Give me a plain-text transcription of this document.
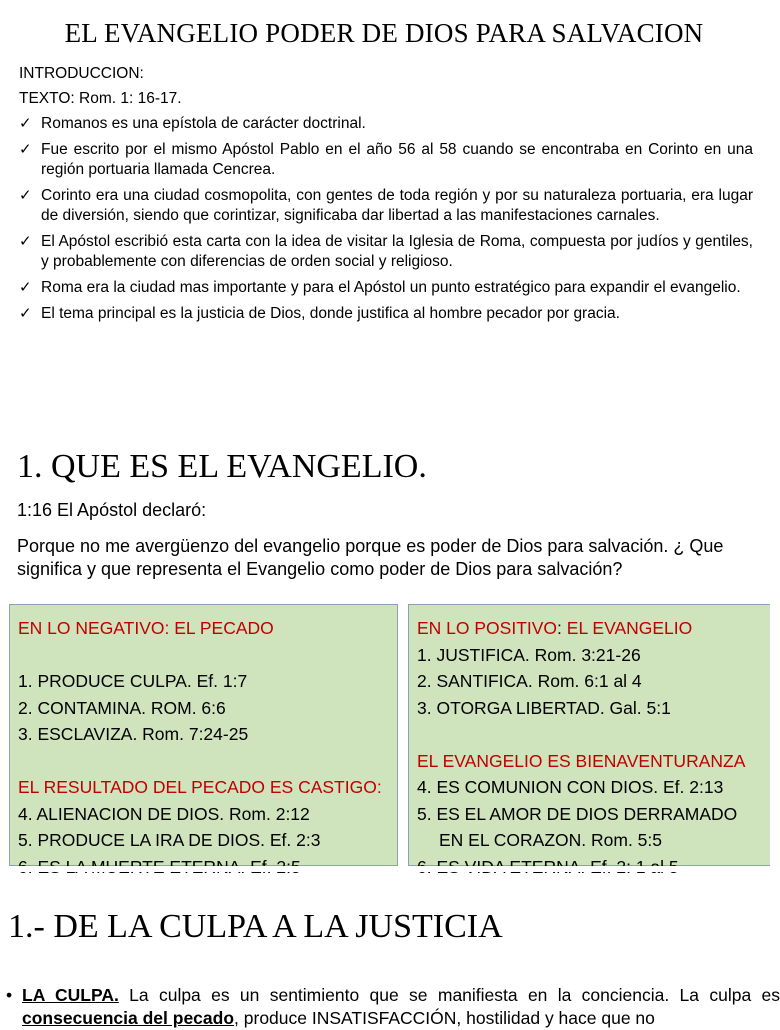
EL EVANGELIO PODER DE DIOS PARA SALVACION
INTRODUCCION:
TEXTO: Rom. 1: 16-17.
✓ Romanos es una epístola de carácter doctrinal.
✓ Fue escrito por el mismo Apóstol Pablo en el año 56 al 58 cuando se encontraba en Corinto en una región portuaria llamada Cencrea.
✓ Corinto era una ciudad cosmopolita, con gentes de toda región y por su naturaleza portuaria, era lugar de diversión, siendo que corintizar, significaba dar libertad a las manifestaciones carnales.
✓ El Apóstol escribió esta carta con la idea de visitar la Iglesia de Roma, compuesta por judíos y gentiles, y probablemente con diferencias de orden social y religioso.
✓ Roma era la ciudad mas importante y para el Apóstol un punto estratégico para expandir el evangelio.
✓ El tema principal es la justicia de Dios, donde justifica al hombre pecador por gracia.
1. QUE ES EL EVANGELIO.
1:16 El Apóstol declaró:
Porque no me avergüenzo del evangelio porque es poder de Dios para salvación. ¿ Que significa y que representa el Evangelio como poder de Dios para salvación?
EN LO NEGATIVO: EL PECADO
1. PRODUCE CULPA. Ef. 1:7
2. CONTAMINA. ROM. 6:6
3. ESCLAVIZA. Rom. 7:24-25
EL RESULTADO DEL PECADO ES CASTIGO:
4. ALIENACION DE DIOS. Rom. 2:12
5. PRODUCE LA IRA DE DIOS. Ef. 2:3
EN LO POSITIVO: EL EVANGELIO
1. JUSTIFICA. Rom. 3:21-26
2. SANTIFICA. Rom. 6:1 al 4
3. OTORGA LIBERTAD. Gal. 5:1
EL EVANGELIO ES BIENAVENTURANZA
4. ES COMUNION CON DIOS. Ef. 2:13
5. ES EL AMOR DE DIOS DERRAMADO
EN EL CORAZON. Rom. 5:5
1.- DE LA CULPA A LA JUSTICIA
• LA CULPA. La culpa es un sentimiento que se manifiesta en la conciencia. La culpa es consecuencia del pecado, produce INSATISFACCIÓN, hostilidad y hace que no
